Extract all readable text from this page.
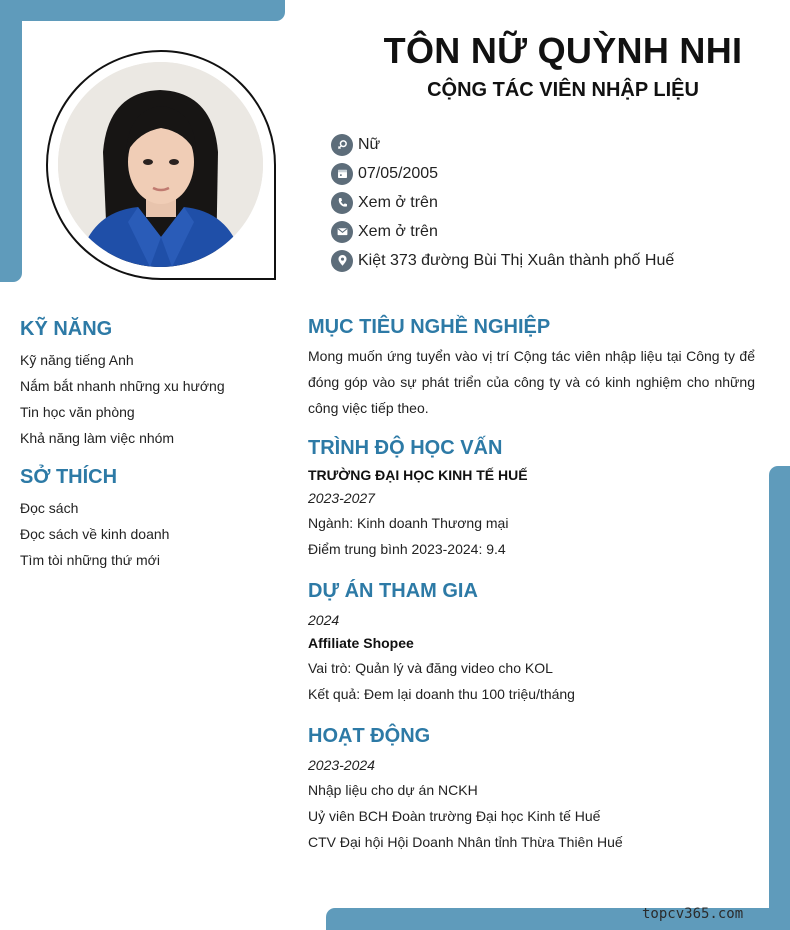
TÔN NỮ QUỲNH NHI
CỘNG TÁC VIÊN NHẬP LIỆU
Nữ
07/05/2005
Xem ở trên
Xem ở trên
Kiệt 373 đường Bùi Thị Xuân thành phố Huế
KỸ NĂNG
Kỹ năng tiếng Anh
Nắm bắt nhanh những xu hướng
Tin học văn phòng
Khả năng làm việc nhóm
SỞ THÍCH
Đọc sách
Đọc sách về kinh doanh
Tìm tòi những thứ mới
MỤC TIÊU NGHỀ NGHIỆP
Mong muốn ứng tuyển vào vị trí Cộng tác viên nhập liệu tại Công ty để đóng góp vào sự phát triển của công ty và có kinh nghiệm cho những công việc tiếp theo.
TRÌNH ĐỘ HỌC VẤN
TRƯỜNG ĐẠI HỌC KINH TẾ HUẾ
2023-2027
Ngành: Kinh doanh Thương mại
Điểm trung bình 2023-2024: 9.4
DỰ ÁN THAM GIA
2024
Affiliate Shopee
Vai trò: Quản lý và đăng video cho KOL
Kết quả: Đem lại doanh thu 100 triệu/tháng
HOẠT ĐỘNG
2023-2024
Nhập liệu cho dự án NCKH
Uỷ viên BCH Đoàn trường Đại học Kinh tế Huế
CTV Đại hội Hội Doanh Nhân tỉnh Thừa Thiên Huế
topcv365.com
